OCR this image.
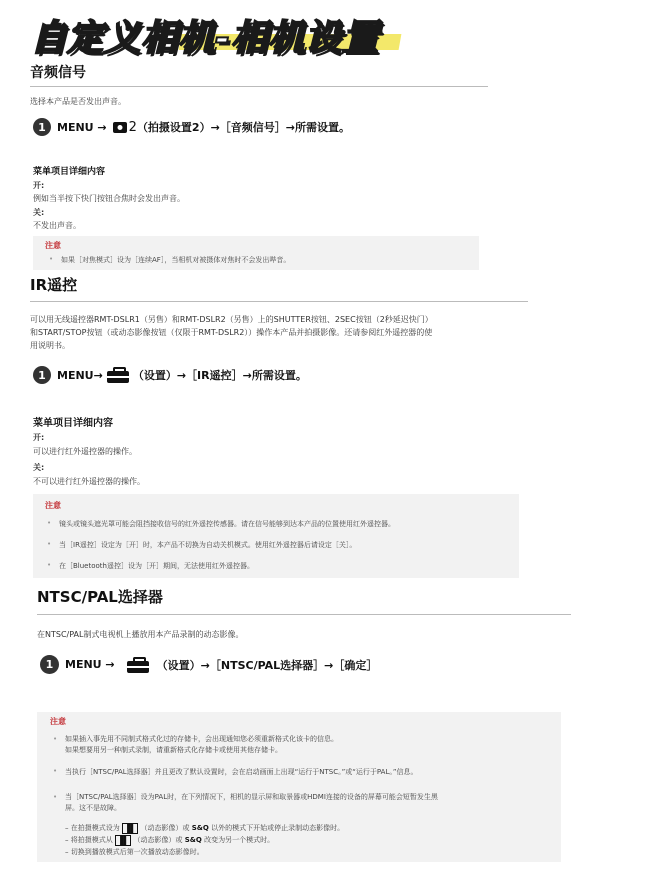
自定义相机-相机设置
音频信号
选择本产品是否发出声音。
1	MENU → 2 （拍摄设置2）→［音频信号］→所需设置。
菜单项目详细内容
开:
例如当半按下快门按钮合焦时会发出声音。
关:
不发出声音。
注意
• 如果［对焦模式］设为［连续AF］，当相机对被摄体对焦时不会发出哔音。
IR遥控
可以用无线遥控器RMT-DSLR1（另售）和RMT-DSLR2（另售）上的SHUTTER按钮、2SEC按钮（2秒延迟快门）
和START/STOP按钮（或动态影像按钮（仅限于RMT-DSLR2））操作本产品并拍摄影像。还请参阅红外遥控器的使
用说明书。
1	MENU→	（设置）→［IR遥控］→所需设置。
菜单项目详细内容
开:
可以进行红外遥控器的操作。
关:
不可以进行红外遥控器的操作。
注意
• 镜头或镜头遮光罩可能会阻挡接收信号的红外遥控传感器。请在信号能够到达本产品的位置使用红外遥控器。
• 当［IR遥控］设定为［开］时，本产品不切换为自动关机模式。使用红外遥控器后请设定［关］。
• 在［Bluetooth遥控］设为［开］期间，无法使用红外遥控器。
NTSC/PAL选择器
在NTSC/PAL制式电视机上播放用本产品录制的动态影像。
1	MENU →	（设置）→［NTSC/PAL选择器］→［确定］
注意
• 如果插入事先用不同制式格式化过的存储卡，会出现通知您必须重新格式化该卡的信息。
如果想要用另一种制式录制，请重新格式化存储卡或使用其他存储卡。
• 当执行［NTSC/PAL选择器］并且更改了默认设置时，会在启动画面上出现“运行于NTSC。”或“运行于PAL。”信息。
• 当［NTSC/PAL选择器］设为PAL时，在下列情况下，相机的显示屏和取景器或HDMI连接的设备的屏幕可能会短暂发生黑
屏。这不是故障。
– 在拍摄模式设为 ▐▌ （动态影像）或 S&Q 以外的模式下开始或停止录制动态影像时。
– 将拍摄模式从 ▐▌ （动态影像）或 S&Q 改变为另一个模式时。
– 切换到播放模式后第一次播放动态影像时。
